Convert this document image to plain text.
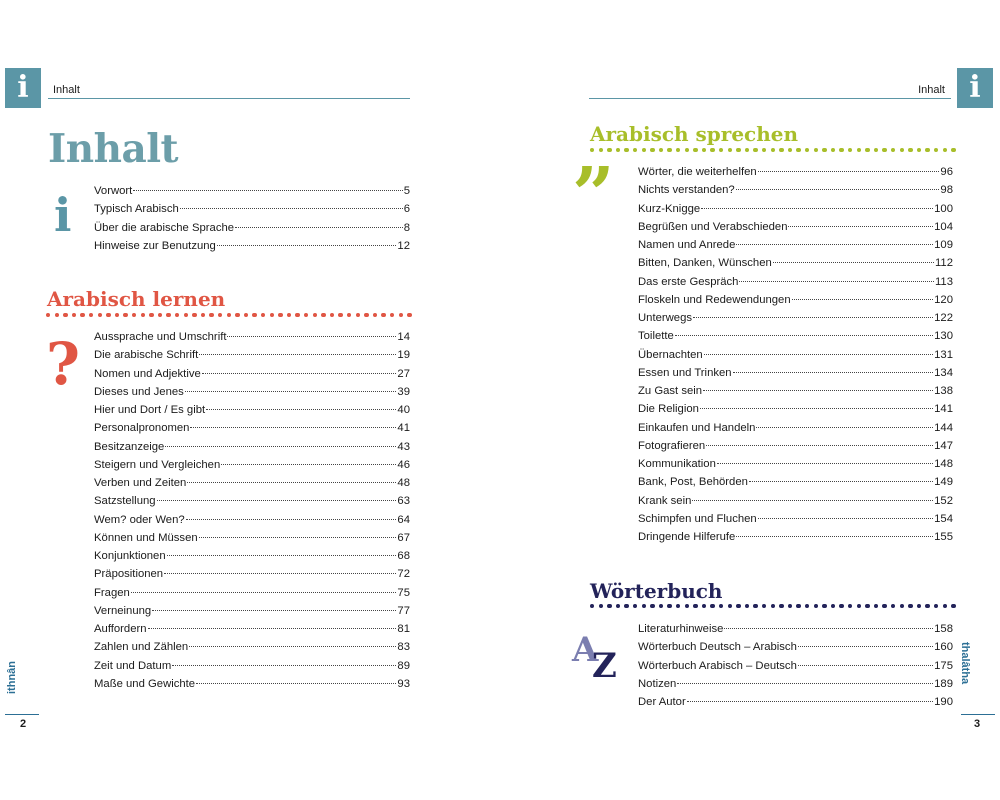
i	Inhalt
Inhalt
i Vorwort	5
Typisch Arabisch	6
Über die arabische Sprache	8
Hinweise zur Benutzung	12
Arabisch lernen
? Aussprache und Umschrift	14
Die arabische Schrift	19
Nomen und Adjektive	27
Dieses und Jenes	39
Hier und Dort / Es gibt	40
Personalpronomen	41
Besitzanzeige	43
Steigern und Vergleichen	46
Verben und Zeiten	48
Satzstellung	63
Wem? oder Wen?	64
Können und Müssen	67
Konjunktionen	68
Präpositionen	72
Fragen	75
Verneinung	77
Auffordern	81
Zahlen und Zählen	83
Zeit und Datum	89
Maße und Gewichte	93
ithnân
2
i
Inhalt
Arabisch sprechen
” Wörter, die weiterhelfen	96
Nichts verstanden?	98
Kurz-Knigge	100
Begrüßen und Verabschieden	104
Namen und Anrede	109
Bitten, Danken, Wünschen	112
Das erste Gespräch	113
Floskeln und Redewendungen	120
Unterwegs	122
Toilette	130
Übernachten	131
Essen und Trinken	134
Zu Gast sein	138
Die Religion	141
Einkaufen und Handeln	144
Fotografieren	147
Kommunikation	148
Bank, Post, Behörden	149
Krank sein	152
Schimpfen und Fluchen	154
Dringende Hilferufe	155
Wörterbuch
A
Z
Literaturhinweise	158
Wörterbuch Deutsch – Arabisch	160
Wörterbuch Arabisch – Deutsch	175
Notizen	189
Der Autor	190
thalâtha
3
